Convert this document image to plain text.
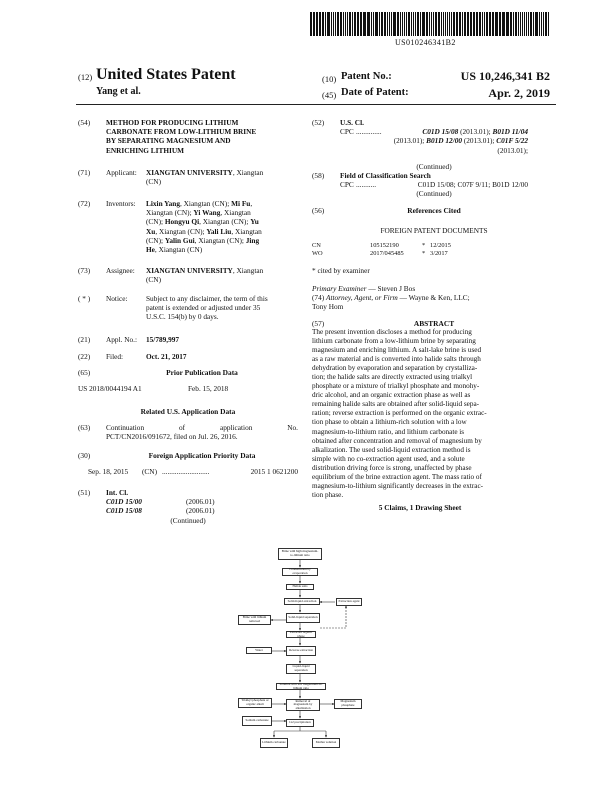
US010246341B2
(12) United States Patent
Yang et al.
(10) Patent No.:	US 10,246,341 B2
(45) Date of Patent:	Apr. 2, 2019
(54)	METHOD FOR PRODUCING LITHIUM
CARBONATE FROM LOW-LITHIUM BRINE
BY SEPARATING MAGNESIUM AND
ENRICHING LITHIUM
(71)	Applicant: XIANGTAN UNIVERSITY, Xiangtan
(CN)
(72)	Inventors: Lixin Yang, Xiangtan (CN); Mi Fu,
Xiangtan (CN); Yi Wang, Xiangtan
(CN); Hongyu Qi, Xiangtan (CN); Yu
Xu, Xiangtan (CN); Yali Liu, Xiangtan
(CN); Yalin Gui, Xiangtan (CN); Jing
He, Xiangtan (CN)
(73)	Assignee: XIANGTAN UNIVERSITY, Xiangtan
(CN)
( * )	Notice:	Subject to any disclaimer, the term of this
patent is extended or adjusted under 35
U.S.C. 154(b) by 0 days.
(21)	Appl. No.: 15/789,997
(22)	Filed:	Oct. 21, 2017
(65)	Prior Publication Data
US 2018/0044194 A1	Feb. 15, 2018
Related U.S. Application Data
(63)	Continuation	of	application	No.
PCT/CN2016/091672, filed on Jul. 26, 2016.
(30)	Foreign Application Priority Data
Sep. 18, 2015 (CN) ..........................	2015 1 0621200
(51)	Int. Cl.
C01D 15/00	(2006.01)
C01D 15/08	(2006.01)
(Continued)
(52)	U.S. Cl.
CPC ..............	C01D 15/08 (2013.01); B01D 11/04
(2013.01); B01D 12/00 (2013.01); C01F 5/22
(2013.01);
(Continued)
(58)	Field of Classification Search
CPC ...........	C01D 15/08; C07F 9/11; B01D 12/00
(Continued)
(56)	References Cited
FOREIGN PATENT DOCUMENTS
CN	105152190	* 12/2015
WO	2017/045485	* 3/2017
* cited by examiner
Primary Examiner — Steven J Bos
(74) Attorney, Agent, or Firm — Wayne & Ken, LLC;
Tony Hom
(57)	ABSTRACT
The present invention discloses a method for producing
lithium carbonate from a low-lithium brine by separating
magnesium and enriching lithium. A salt-lake brine is used
as a raw material and is converted into halide salts through
dehydration by evaporation and separation by crystalliza-
tion; the halide salts are directly extracted using trialkyl
phosphate or a mixture of trialkyl phosphate and monohy-
dric alcohol, and an organic extraction phase as well as
remaining halide salts are obtained after solid-liquid sepa-
ration; reverse extraction is performed on the organic extrac-
tion phase to obtain a lithium-rich solution with a low
magnesium-to-lithium ratio, and lithium carbonate is
obtained after concentration and removal of magnesium by
alkalization. The used solid-liquid extraction method is
simple with no co-extraction agent used, and a solute
distribution driving force is strong, unaffected by phase
equilibrium of the brine extraction agent. The mass ratio of
magnesium-to-lithium significantly decreases in the extrac-
tion phase.
5 Claims, 1 Drawing Sheet
Brine with high magnesium-to-lithium ratio
Condensation by evaporation
Halide salts
Solid-liquid extraction	Extraction agent
Solid-liquid separation
Brine with lithium removed
Extracted organic phase
Water	Reverse extraction
Liquid-liquid separation
Solution with low magnesium-to-lithium ratio
Trialkyl phosphate or organic alkali
Removal of magnesium by alkalization
Magnesium phosphate
Sodium carbonate	Li2 precipitation
Lithium carbonate	Mother solution
